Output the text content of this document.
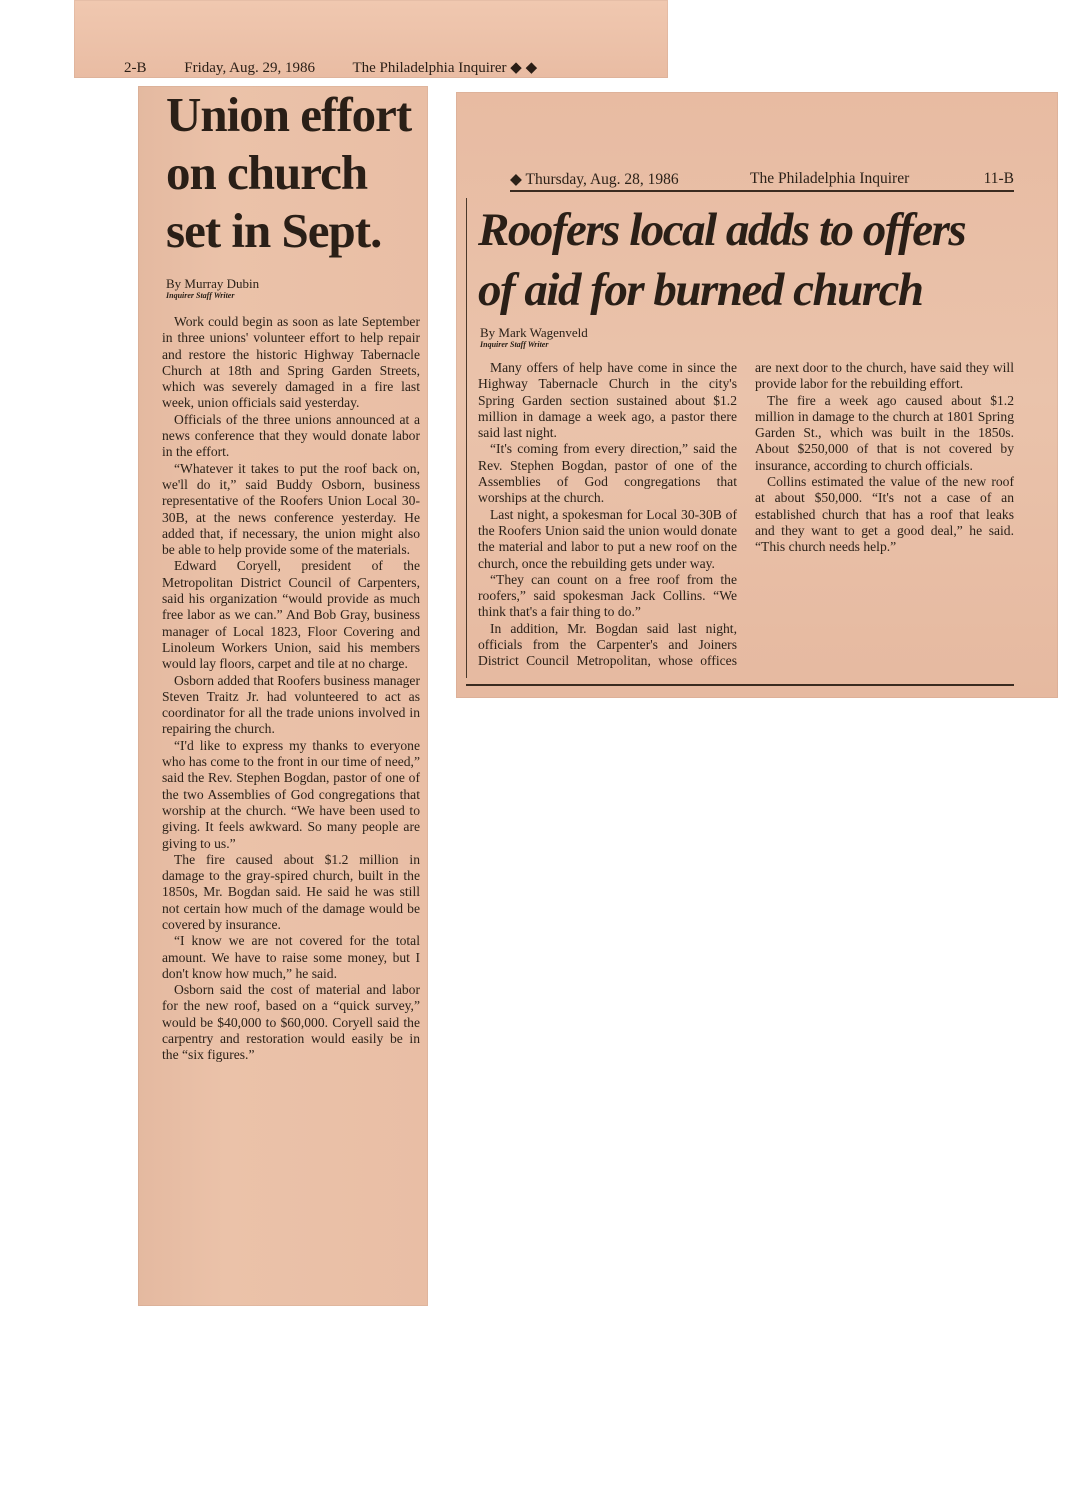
2-B	Friday, Aug. 29, 1986 The Philadelphia Inquirer ◆ ◆
Union effort
on church
set in Sept.
By Murray Dubin
Inquirer Staff Writer

Work could begin as soon as late September in three unions' volunteer effort to help repair and restore the historic Highway Tabernacle Church at 18th and Spring Garden Streets, which was severely damaged in a fire last week, union officials said yesterday.

Officials of the three unions announced at a news conference that they would donate labor in the effort.

“Whatever it takes to put the roof back on, we'll do it,” said Buddy Osborn, business representative of the Roofers Union Local 30-30B, at the news conference yesterday. He added that, if necessary, the union might also be able to help provide some of the materials.

Edward Coryell, president of the Metropolitan District Council of Carpenters, said his organization “would provide as much free labor as we can.” And Bob Gray, business manager of Local 1823, Floor Covering and Linoleum Workers Union, said his members would lay floors, carpet and tile at no charge.

Osborn added that Roofers business manager Steven Traitz Jr. had volunteered to act as coordinator for all the trade unions involved in repairing the church.

“I'd like to express my thanks to everyone who has come to the front in our time of need,” said the Rev. Stephen Bogdan, pastor of one of the two Assemblies of God congregations that worship at the church. “We have been used to giving. It feels awkward. So many people are giving to us.”

The fire caused about $1.2 million in damage to the gray-spired church, built in the 1850s, Mr. Bogdan said. He said he was still not certain how much of the damage would be covered by insurance.

“I know we are not covered for the total amount. We have to raise some money, but I don't know how much,” he said.

Osborn said the cost of material and labor for the new roof, based on a “quick survey,” would be $40,000 to $60,000. Coryell said the carpentry and restoration would easily be in the “six figures.”

◆ Thursday, Aug. 28, 1986	The Philadelphia Inquirer	11-B
Roofers local adds to offers
of aid for burned church
By Mark Wagenveld
Inquirer Staff Writer

Many offers of help have come in since the Highway Tabernacle Church in the city's Spring Garden section sustained about $1.2 million in damage a week ago, a pastor there said last night.

“It's coming from every direction,” said the Rev. Stephen Bogdan, pastor of one of the Assemblies of God congregations that worships at the church.

Last night, a spokesman for Local 30-30B of the Roofers Union said the union would donate the material and labor to put a new roof on the church, once the rebuilding gets under way.

“They can count on a free roof from the roofers,” said spokesman Jack Collins. “We think that's a fair thing to do.”

In addition, Mr. Bogdan said last night, officials from the Carpenter's and Joiners District Council Metropolitan, whose offices are next door to the church, have said they will provide labor for the rebuilding effort.

The fire a week ago caused about $1.2 million in damage to the church at 1801 Spring Garden St., which was built in the 1850s. About $250,000 of that is not covered by insurance, according to church officials.

Collins estimated the value of the new roof at about $50,000. “It's not a case of an established church that has a roof that leaks and they want to get a good deal,” he said. “This church needs help.”
